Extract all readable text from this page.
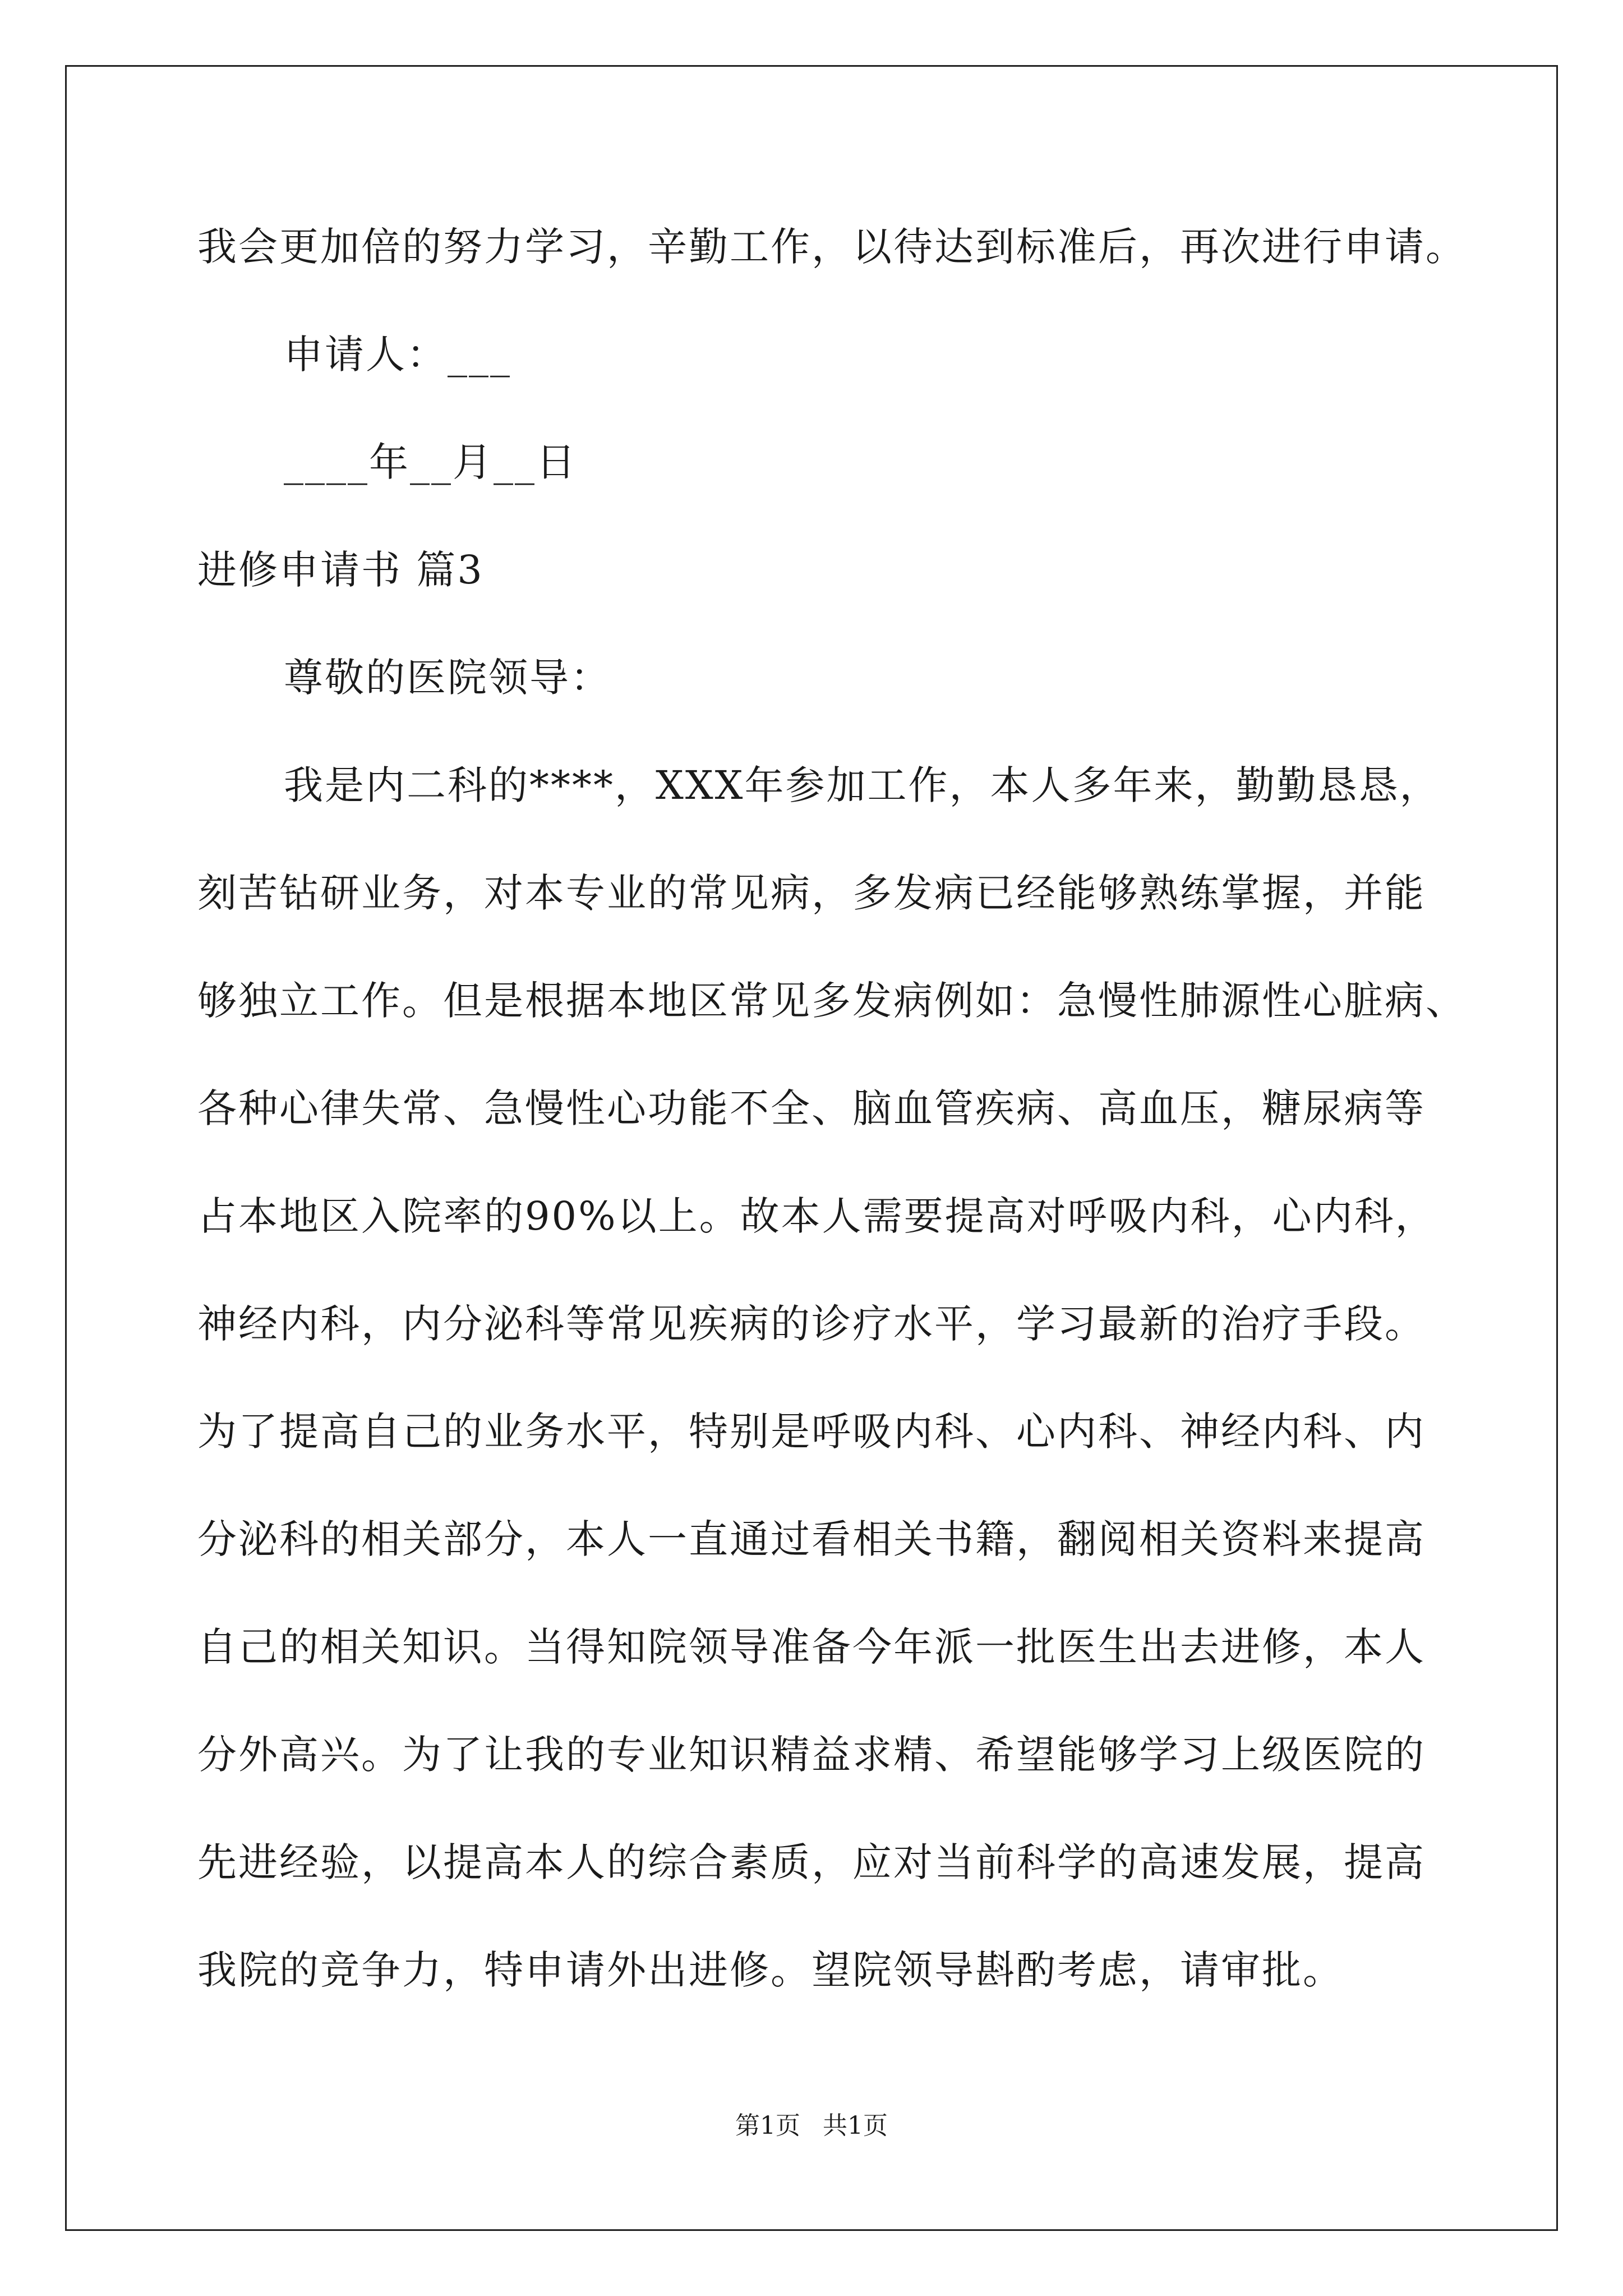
我会更加倍的努力学习，辛勤工作，以待达到标准后，再次进行申请。
申请人：___
____年__月__日
进修申请书 篇3
尊敬的医院领导：
我是内二科的****，XXX年参加工作，本人多年来，勤勤恳恳，
刻苦钻研业务，对本专业的常见病，多发病已经能够熟练掌握，并能
够独立工作。但是根据本地区常见多发病例如：急慢性肺源性心脏病、
各种心律失常、急慢性心功能不全、脑血管疾病、高血压，糖尿病等
占本地区入院率的90%以上。故本人需要提高对呼吸内科，心内科，
神经内科，内分泌科等常见疾病的诊疗水平，学习最新的治疗手段。
为了提高自己的业务水平，特别是呼吸内科、心内科、神经内科、内
分泌科的相关部分，本人一直通过看相关书籍，翻阅相关资料来提高
自己的相关知识。当得知院领导准备今年派一批医生出去进修，本人
分外高兴。为了让我的专业知识精益求精、希望能够学习上级医院的
先进经验，以提高本人的综合素质，应对当前科学的高速发展，提高
我院的竞争力，特申请外出进修。望院领导斟酌考虑，请审批。
第1页 共1页
